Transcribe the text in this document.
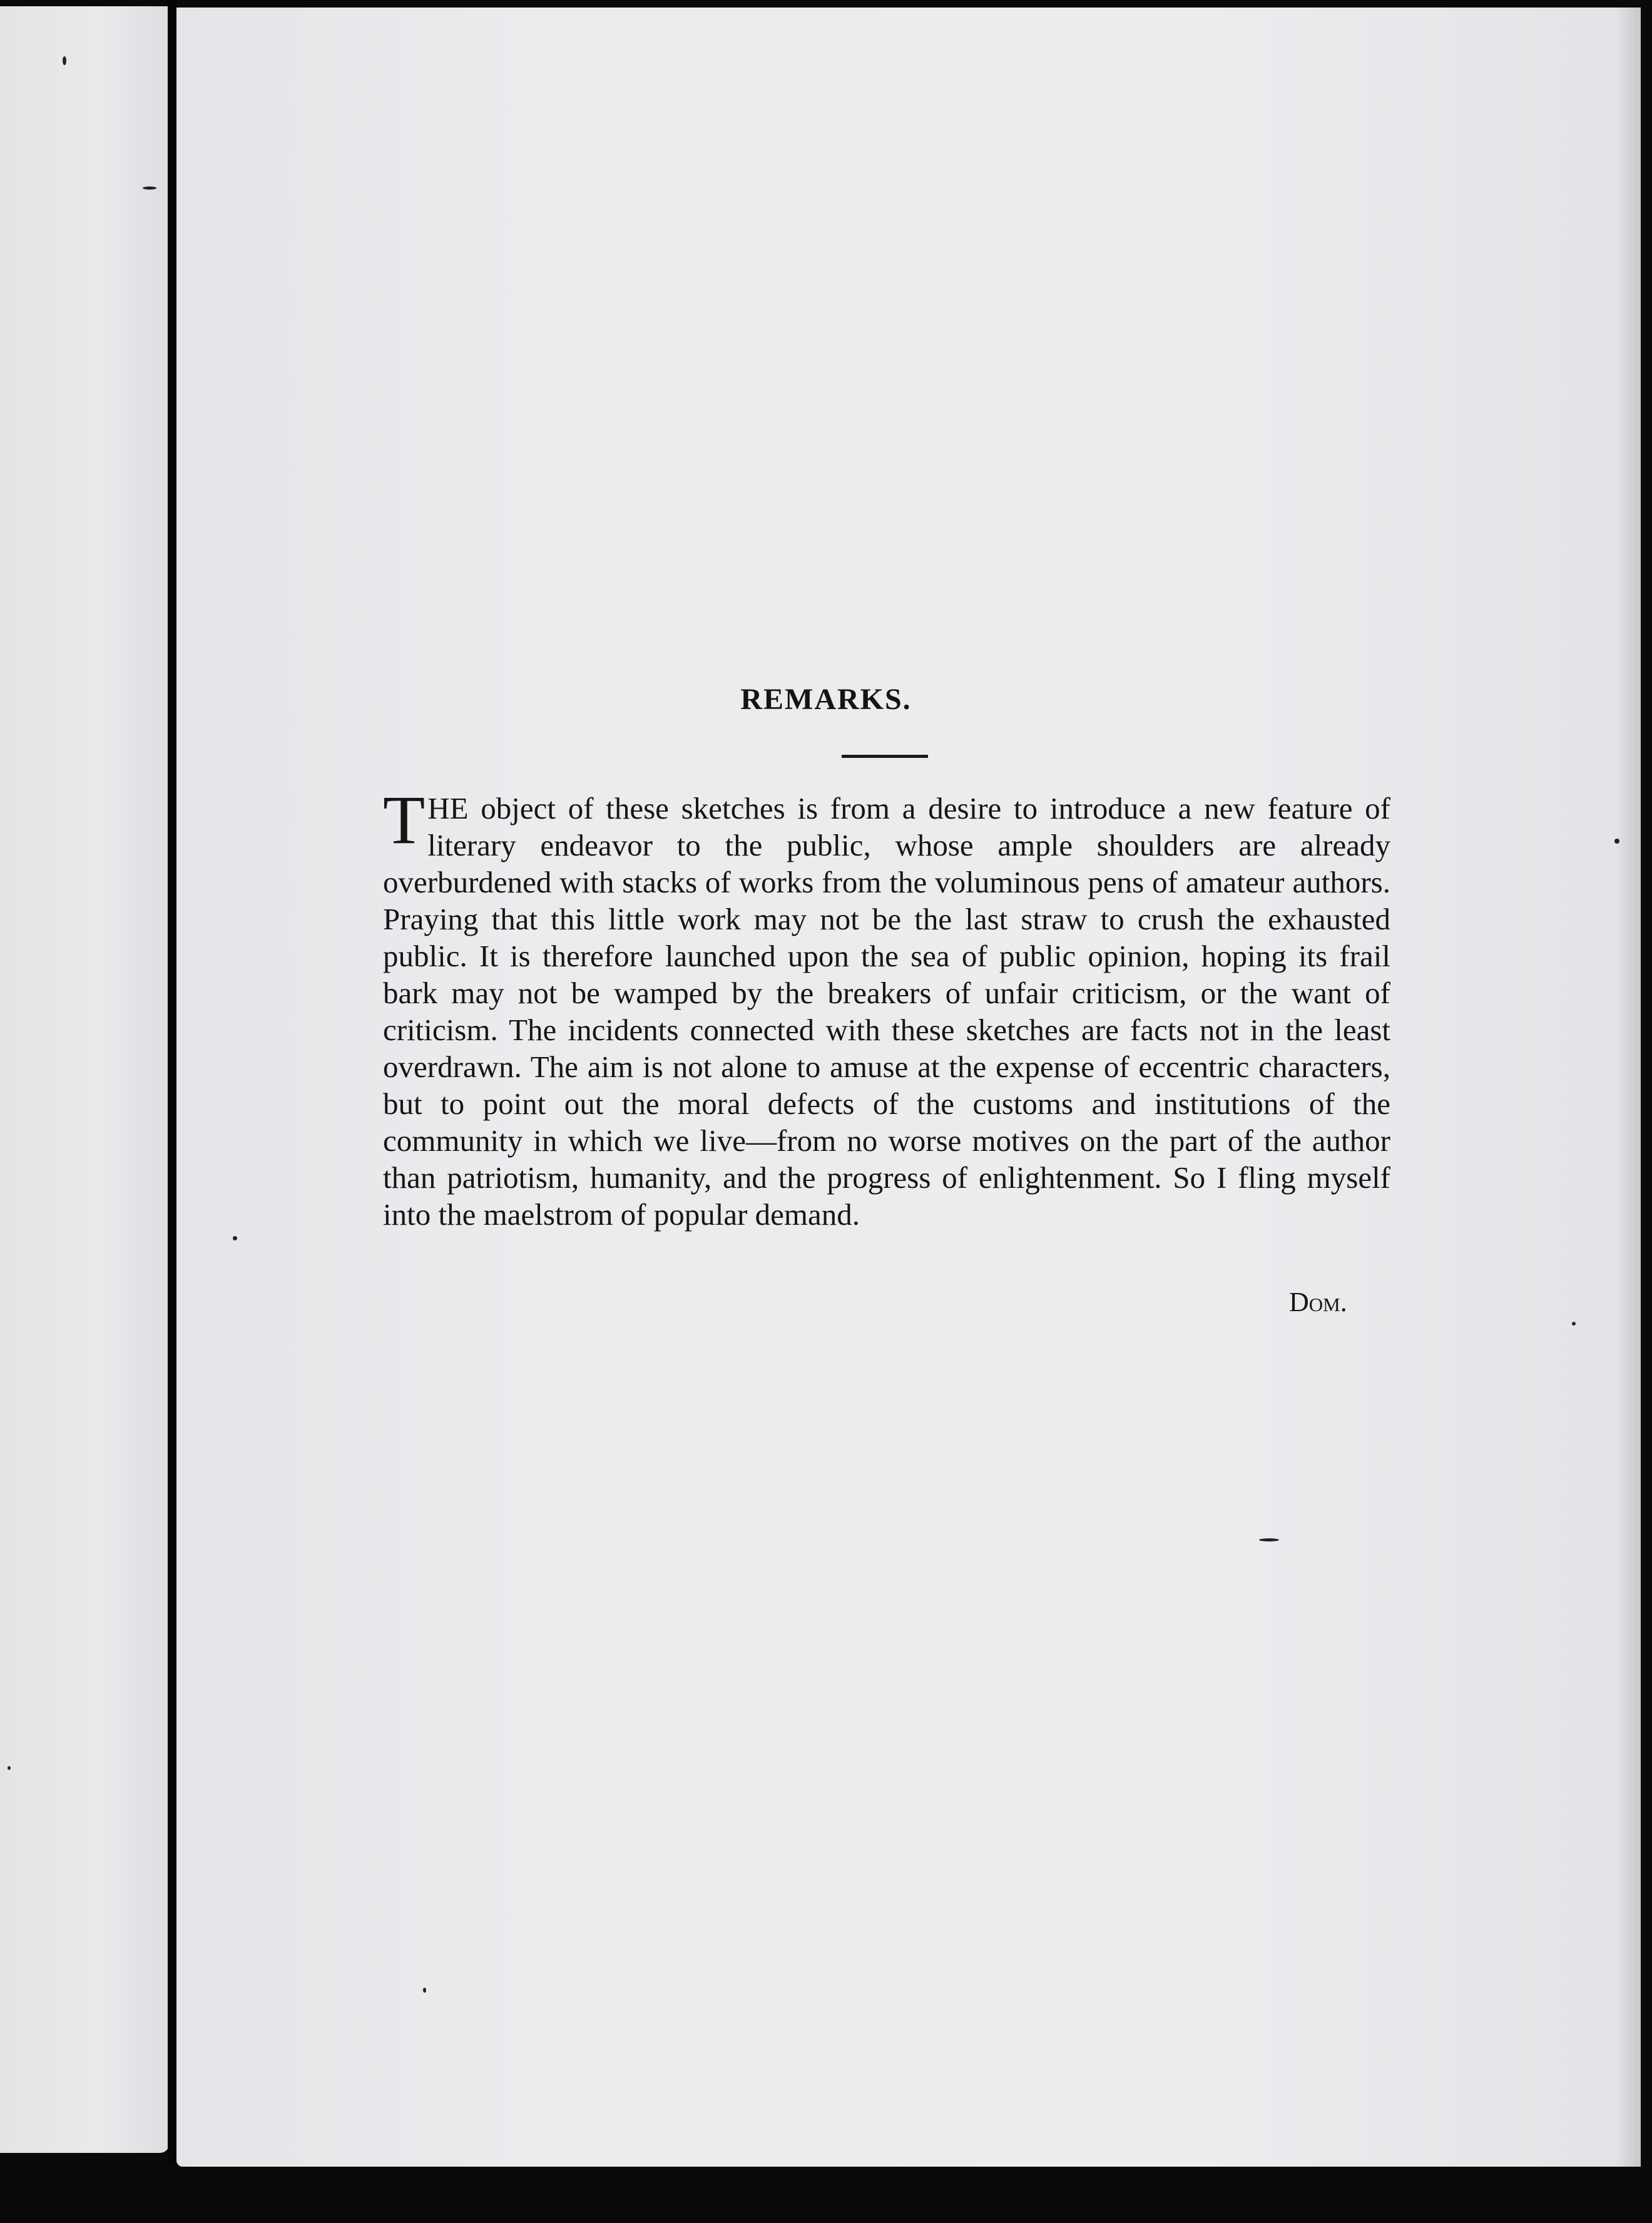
REMARKS.

THE object of these sketches is from a desire to introduce a new feature of literary endeavor to the public, whose ample shoulders are already overburdened with stacks of works from the voluminous pens of amateur authors. Praying that this little work may not be the last straw to crush the exhausted public. It is therefore launched upon the sea of public opinion, hoping its frail bark may not be wamped by the breakers of unfair criticism, or the want of criticism. The incidents connected with these sketches are facts not in the least overdrawn. The aim is not alone to amuse at the expense of eccentric characters, but to point out the moral defects of the customs and institutions of the community in which we live—from no worse motives on the part of the author than patriotism, humanity, and the progress of enlightenment. So I fling myself into the maelstrom of popular demand.

Dom.
